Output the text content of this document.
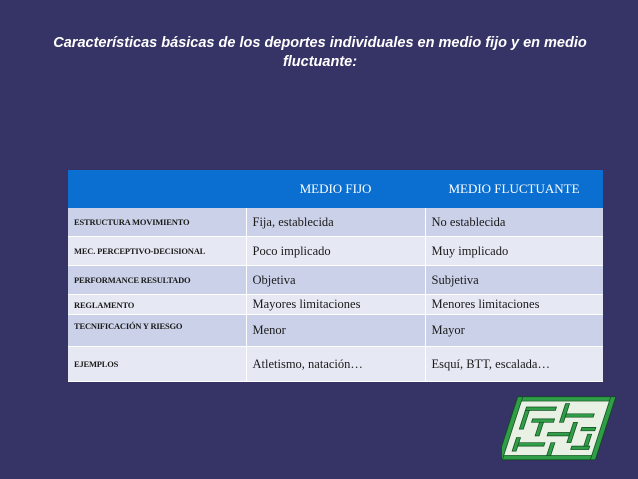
Características básicas de los deportes individuales en medio fijo y en medio fluctuante:
	MEDIO FIJO	MEDIO FLUCTUANTE
ESTRUCTURA MOVIMIENTO	Fija, establecida	No establecida
MEC. PERCEPTIVO-DECISIONAL	Poco implicado	Muy implicado
PERFORMANCE RESULTADO	Objetiva	Subjetiva
REGLAMENTO	Mayores limitaciones	Menores limitaciones
TECNIFICACIÓN Y RIESGO	Menor	Mayor
EJEMPLOS	Atletismo, natación…	Esquí, BTT, escalada…
